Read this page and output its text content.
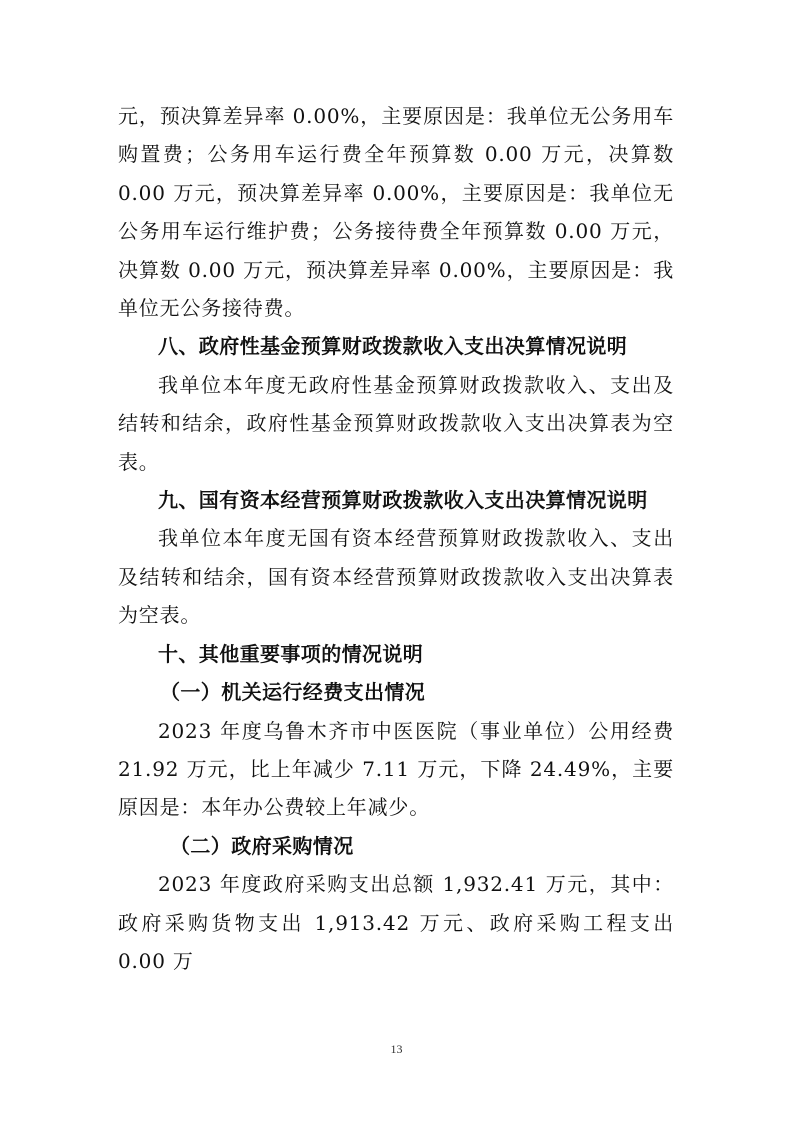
元，预决算差异率 0.00%，主要原因是：我单位无公务用车购置费；公务用车运行费全年预算数 0.00 万元，决算数 0.00 万元，预决算差异率 0.00%，主要原因是：我单位无公务用车运行维护费；公务接待费全年预算数 0.00 万元，决算数 0.00 万元，预决算差异率 0.00%，主要原因是：我单位无公务接待费。

八、政府性基金预算财政拨款收入支出决算情况说明

我单位本年度无政府性基金预算财政拨款收入、支出及结转和结余，政府性基金预算财政拨款收入支出决算表为空表。

九、国有资本经营预算财政拨款收入支出决算情况说明

我单位本年度无国有资本经营预算财政拨款收入、支出及结转和结余，国有资本经营预算财政拨款收入支出决算表为空表。

十、其他重要事项的情况说明

（一）机关运行经费支出情况

2023 年度乌鲁木齐市中医医院（事业单位）公用经费 21.92 万元，比上年减少 7.11 万元，下降 24.49%，主要原因是：本年办公费较上年减少。

（二）政府采购情况

2023 年度政府采购支出总额 1,932.41 万元，其中：政府采购货物支出 1,913.42 万元、政府采购工程支出 0.00 万

13
